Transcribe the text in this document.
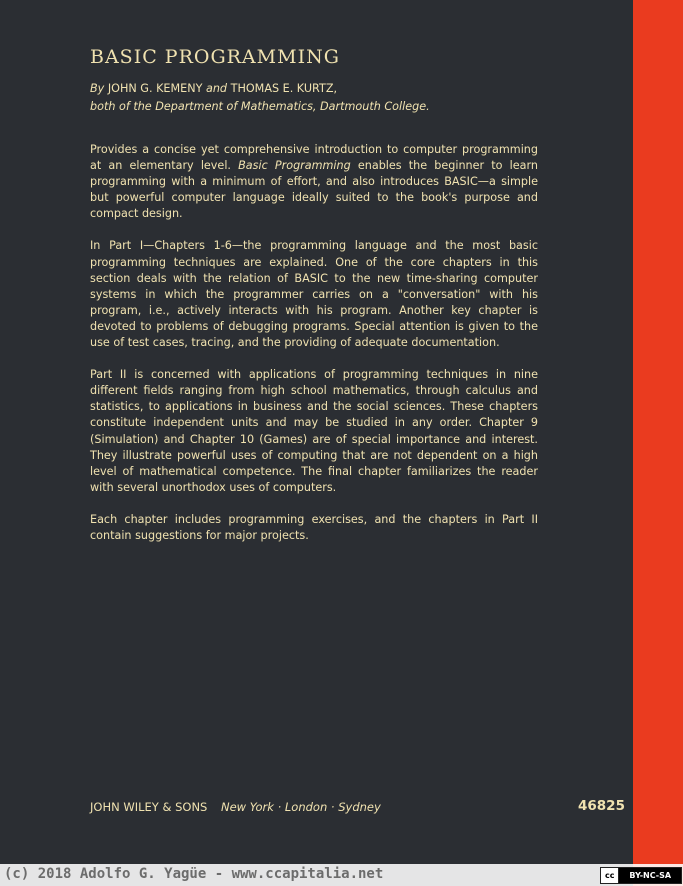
BASIC PROGRAMMING
By JOHN G. KEMENY and THOMAS E. KURTZ,
both of the Department of Mathematics, Dartmouth College.

Provides a concise yet comprehensive introduction to computer programming at an elementary level. Basic Programming enables the beginner to learn programming with a minimum of effort, and also introduces BASIC—a simple but powerful computer language ideally suited to the book's purpose and compact design.

In Part I—Chapters 1-6—the programming language and the most basic programming techniques are explained. One of the core chapters in this section deals with the relation of BASIC to the new time-sharing computer systems in which the programmer carries on a "conversation" with his program, i.e., actively interacts with his program. Another key chapter is devoted to problems of debugging programs. Special attention is given to the use of test cases, tracing, and the providing of adequate documentation.

Part II is concerned with applications of programming techniques in nine different fields ranging from high school mathematics, through calculus and statistics, to applications in business and the social sciences. These chapters constitute independent units and may be studied in any order. Chapter 9 (Simulation) and Chapter 10 (Games) are of special importance and interest. They illustrate powerful uses of computing that are not dependent on a high level of mathematical competence. The final chapter familiarizes the reader with several unorthodox uses of computers.

Each chapter includes programming exercises, and the chapters in Part II contain suggestions for major projects.

JOHN WILEY & SONS New York · London · Sydney	46825
(c) 2018 Adolfo G. Yagüe - www.ccapitalia.net	cc	BY-NC-SA
